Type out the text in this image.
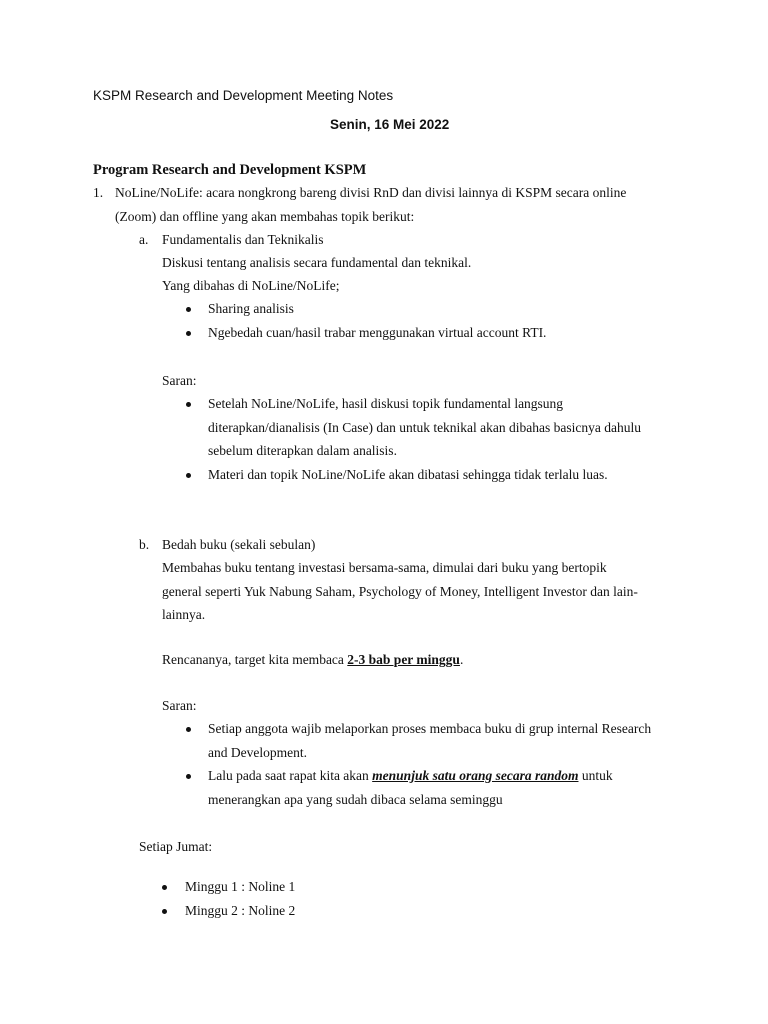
KSPM Research and Development Meeting Notes
Senin, 16 Mei 2022
Program Research and Development KSPM
1. NoLine/NoLife: acara nongkrong bareng divisi RnD dan divisi lainnya di KSPM secara online
(Zoom) dan offline yang akan membahas topik berikut:
a. Fundamentalis dan Teknikalis
Diskusi tentang analisis secara fundamental dan teknikal.
Yang dibahas di NoLine/NoLife;
Sharing analisis
Ngebedah cuan/hasil trabar menggunakan virtual account RTI.
Saran:
Setelah NoLine/NoLife, hasil diskusi topik fundamental langsung
diterapkan/dianalisis (In Case) dan untuk teknikal akan dibahas basicnya dahulu
sebelum diterapkan dalam analisis.
Materi dan topik NoLine/NoLife akan dibatasi sehingga tidak terlalu luas.
b. Bedah buku (sekali sebulan)
Membahas buku tentang investasi bersama-sama, dimulai dari buku yang bertopik
general seperti Yuk Nabung Saham, Psychology of Money, Intelligent Investor dan lain-
lainnya.
Rencananya, target kita membaca 2-3 bab per minggu.
Saran:
Setiap anggota wajib melaporkan proses membaca buku di grup internal Research
and Development.
Lalu pada saat rapat kita akan menunjuk satu orang secara random untuk
menerangkan apa yang sudah dibaca selama seminggu
Setiap Jumat:
Minggu 1 : Noline 1
Minggu 2 : Noline 2
